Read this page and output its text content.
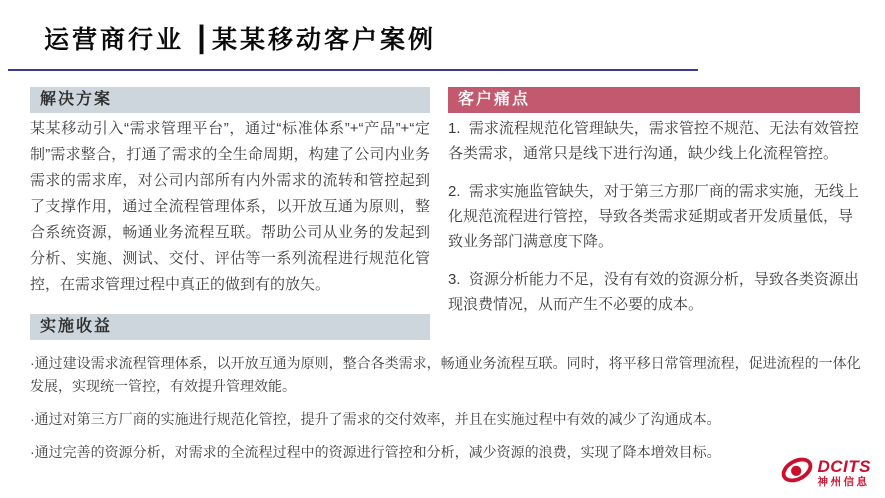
运营商行业 ┃某某移动客户案例
解决方案

某某移动引入“需求管理平台”，通过“标准体系”+“产品”+“定制”需求整合，打通了需求的全生命周期，构建了公司内业务需求的需求库，对公司内部所有内外需求的流转和管控起到了支撑作用，通过全流程管理体系，以开放互通为原则，整合系统资源，畅通业务流程互联。帮助公司从业务的发起到分析、实施、测试、交付、评估等一系列流程进行规范化管控，在需求管理过程中真正的做到有的放矢。

客户痛点

1.  需求流程规范化管理缺失，需求管控不规范、无法有效管控各类需求，通常只是线下进行沟通，缺少线上化流程管控。

2.  需求实施监管缺失，对于第三方那厂商的需求实施，无线上化规范流程进行管控，导致各类需求延期或者开发质量低，导致业务部门满意度下降。

3.  资源分析能力不足，没有有效的资源分析，导致各类资源出现浪费情况，从而产生不必要的成本。

实施收益

·通过建设需求流程管理体系，以开放互通为原则，整合各类需求，畅通业务流程互联。同时，将平移日常管理流程，促进流程的一体化发展，实现统一管控，有效提升管理效能。

·通过对第三方厂商的实施进行规范化管控，提升了需求的交付效率，并且在实施过程中有效的减少了沟通成本。

·通过完善的资源分析，对需求的全流程过程中的资源进行管控和分析，减少资源的浪费，实现了降本增效目标。

DCITS
神州信息
